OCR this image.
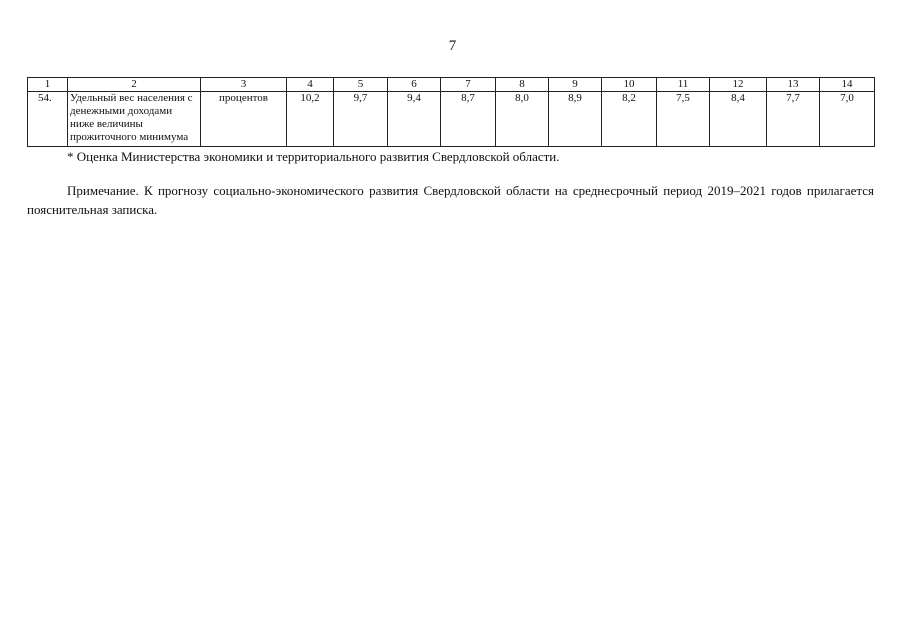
7
1	2	3	4	5	6	7	8	9	10	11	12	13	14
54.	Удельный вес населения с денежными доходами ниже величины прожиточного минимума	процентов	10,2	9,7	9,4	8,7	8,0	8,9	8,2	7,5	8,4	7,7	7,0
* Оценка Министерства экономики и территориального развития Свердловской области.
Примечание. К прогнозу социально-экономического развития Свердловской области на среднесрочный период 2019–2021 годов прилагается пояснительная записка.
